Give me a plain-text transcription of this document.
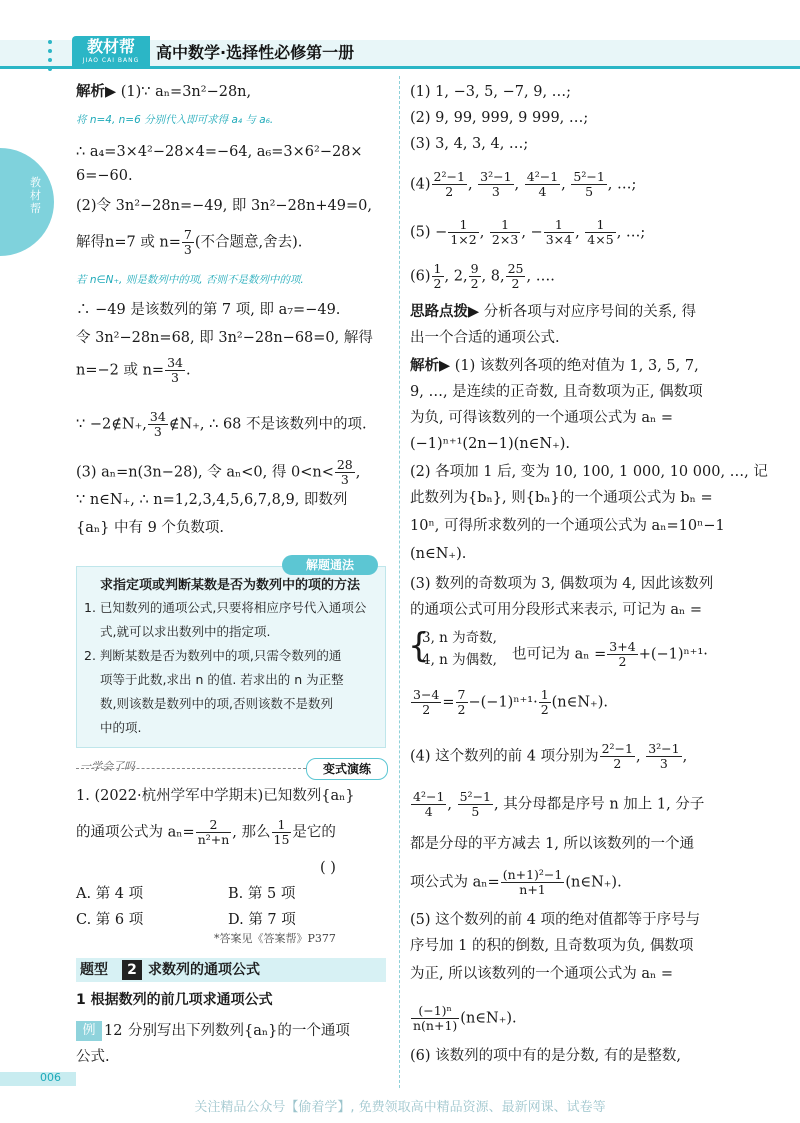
教材帮
JIAO CAI BANG	高中数学·选择性必修第一册
教材帮
解析▶ (1)∵ aₙ=3n²−28n,
将 n=4, n=6 分别代入即可求得 a₄ 与 a₆.
∴ a₄=3×4²−28×4=−64, a₆=3×6²−28×
6=−60.
(2)令 3n²−28n=−49, 即 3n²−28n+49=0,
解得n=7 或 $n= \frac{7}{3}$ (不合题意,舍去).
若 n∈N₊, 则是数列中的项, 否则不是数列中的项.
∴ −49 是该数列的第 7 项, 即 a₇=−49.
令 3n²−28n=68, 即 3n²−28n−68=0, 解得
n=−2 或 $n= \frac{34}{3}$ .
∵ −2∉N₊, $\frac{34}{3}$ ∉N₊, ∴ 68 不是该数列中的项.
(3) aₙ=n(3n−28), 令 aₙ<0, 得 $0<n< \frac{28}{3}$ ,
∵ n∈N₊, ∴ n=1,2,3,4,5,6,7,8,9, 即数列
{aₙ} 中有 9 个负数项.
解题通法
求指定项或判断某数是否为数列中的项的方法
1. 已知数列的通项公式,只要将相应序号代入通项公
式,就可以求出数列中的指定项.
2. 判断某数是否为数列中的项,只需令数列的通
项等于此数,求出 n 的值. 若求出的 n 为正整
数,则该数是数列中的项,否则该数不是数列
中的项.
一学会了吗	变式演练
1. (2022·杭州学军中学期末)已知数列{aₙ}
的通项公式为 $a_n= \frac{2}{\text{n²+n}}$ , 那么 $\frac{1}{15}$ 是它的
( )
A. 第 4 项	B. 第 5 项
C. 第 6 项	D. 第 7 项
*答案见《答案帮》P377
题型	2 求数列的通项公式
1 根据数列的前几项求通项公式
例 12 分别写出下列数列{aₙ}的一个通项
公式.
(1) 1, −3, 5, −7, 9, …;
(2) 9, 99, 999, 9 999, …;
(3) 3, 4, 3, 4, …;
$(4) \frac{\text{2²−1}}{2}$ , $\frac{\text{3²−1}}{3}$ , $\frac{\text{4²−1}}{4}$ , $\frac{\text{5²−1}}{5}$ , …;
$(5) - \frac{1}{1\times 2}$ , $\frac{1}{2\times 3}$ , − $\frac{1}{3\times 4}$ , $\frac{1}{4\times 5}$ , …;
$(6) \frac{1}{2}$ , 2, $\frac{9}{2}$ , 8, $\frac{25}{2}$ , ….
思路点拨▶ 分析各项与对应序号间的关系, 得
出一个合适的通项公式.
解析▶ (1) 该数列各项的绝对值为 1, 3, 5, 7,
9, …, 是连续的正奇数, 且奇数项为正, 偶数项
为负, 可得该数列的一个通项公式为 aₙ =
(−1)ⁿ⁺¹(2n−1)(n∈N₊).
(2) 各项加 1 后, 变为 10, 100, 1 000, 10 000, …, 记
此数列为{bₙ}, 则{bₙ}的一个通项公式为 bₙ =
10ⁿ, 可得所求数列的一个通项公式为 aₙ=10ⁿ−1
(n∈N₊).
(3) 数列的奇数项为 3, 偶数项为 4, 因此该数列
的通项公式可用分段形式来表示, 可记为 aₙ =
{
3, n 为奇数,
4, n 为偶数, 也可记为 $a_n = \frac{3+4}{2} +(-1)^{n+1}\cdot$
$\frac{3-4}{2} = \frac{7}{2} -(-1)^{n+1}\cdot \frac{1}{2}$ (n∈N₊).
(4) 这个数列的前 4 项分别为 $\frac{\text{2²−1}}{2}$ , $\frac{\text{3²−1}}{3}$ ,
$\frac{\text{4²−1}}{4}$ , $\frac{\text{5²−1}}{5}$ , 其分母都是序号 n 加上 1, 分子
都是分母的平方减去 1, 所以该数列的一个通
项公式为 $a_n= \frac{\text{(n+1)²−1}}{n+1}$ (n∈N₊).
(5) 这个数列的前 4 项的绝对值都等于序号与
序号加 1 的积的倒数, 且奇数项为负, 偶数项
为正, 所以该数列的一个通项公式为 aₙ =
$\frac{\text{(−1)ⁿ}}{n(n+1)}$ (n∈N₊).
(6) 该数列的项中有的是分数, 有的是整数,
006
关注精品公众号【偷着学】, 免费领取高中精品资源、最新网课、试卷等
